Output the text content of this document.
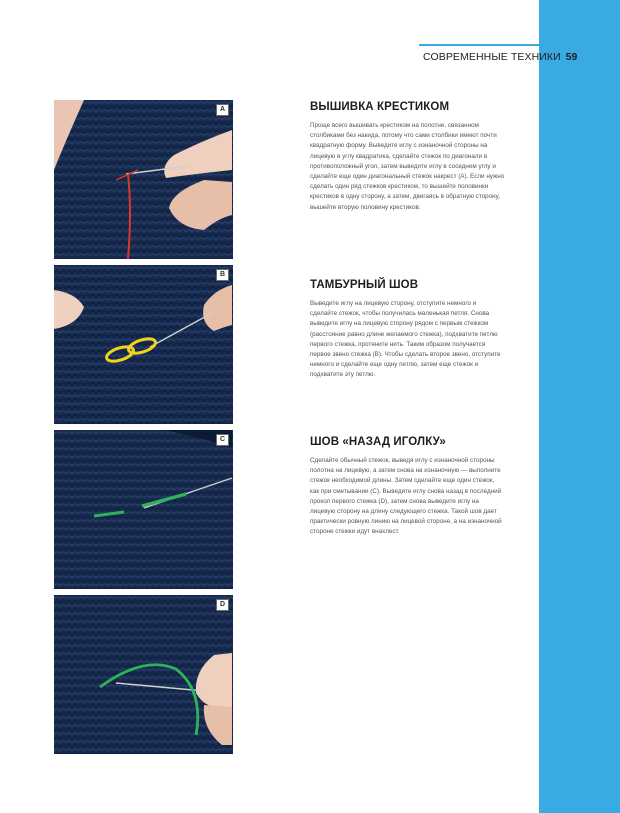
СОВРЕМЕННЫЕ ТЕХНИКИ|59
A
B
C
D
ВЫШИВКА КРЕСТИКОМ
Проще всего вышивать крестиком на полотне, связанном столбиками без накида, потому что сами столбики имеют почти квадратную форму. Выведите иглу с изнаночной стороны на лицевую в углу квадратика, сделайте стежок по диагонали в противоположный угол, затем выведите иглу в соседнем углу и сделайте еще один диагональный стежок накрест (A). Если нужно сделать один ряд стежков крестиком, то вышейте половинки крестиков в одну сторону, а затем, двигаясь в обратную сторону, вышейте вторую половину крестиков.
ТАМБУРНЫЙ ШОВ
Выведите иглу на лицевую сторону, отступите немного и сделайте стежок, чтобы получилась маленькая петля. Снова выведите иглу на лицевую сторону рядом с первым стежком (расстояние равно длине желаемого стежка), подхватите петлю первого стежка, протяните нить. Таким образом получается первое звено стежка (B). Чтобы сделать второе звено, отступите немного и сделайте еще одну петлю, затем еще стежок и подхватите эту петлю.
ШОВ «НАЗАД ИГОЛКУ»
Сделайте обычный стежок, выведя иглу с изнаночной стороны полотна на лицевую, а затем снова на изнаночную — выполните стежок необходимой длины. Затем сделайте еще один стежок, как при сметывании (C). Выведите иглу снова назад в последний прокол первого стежка (D), затем снова выведите иглу на лицевую сторону на длину следующего стежка. Такой шов дает практически ровную линию на лицевой стороне, а на изнаночной стороне стежки идут внахлест.
